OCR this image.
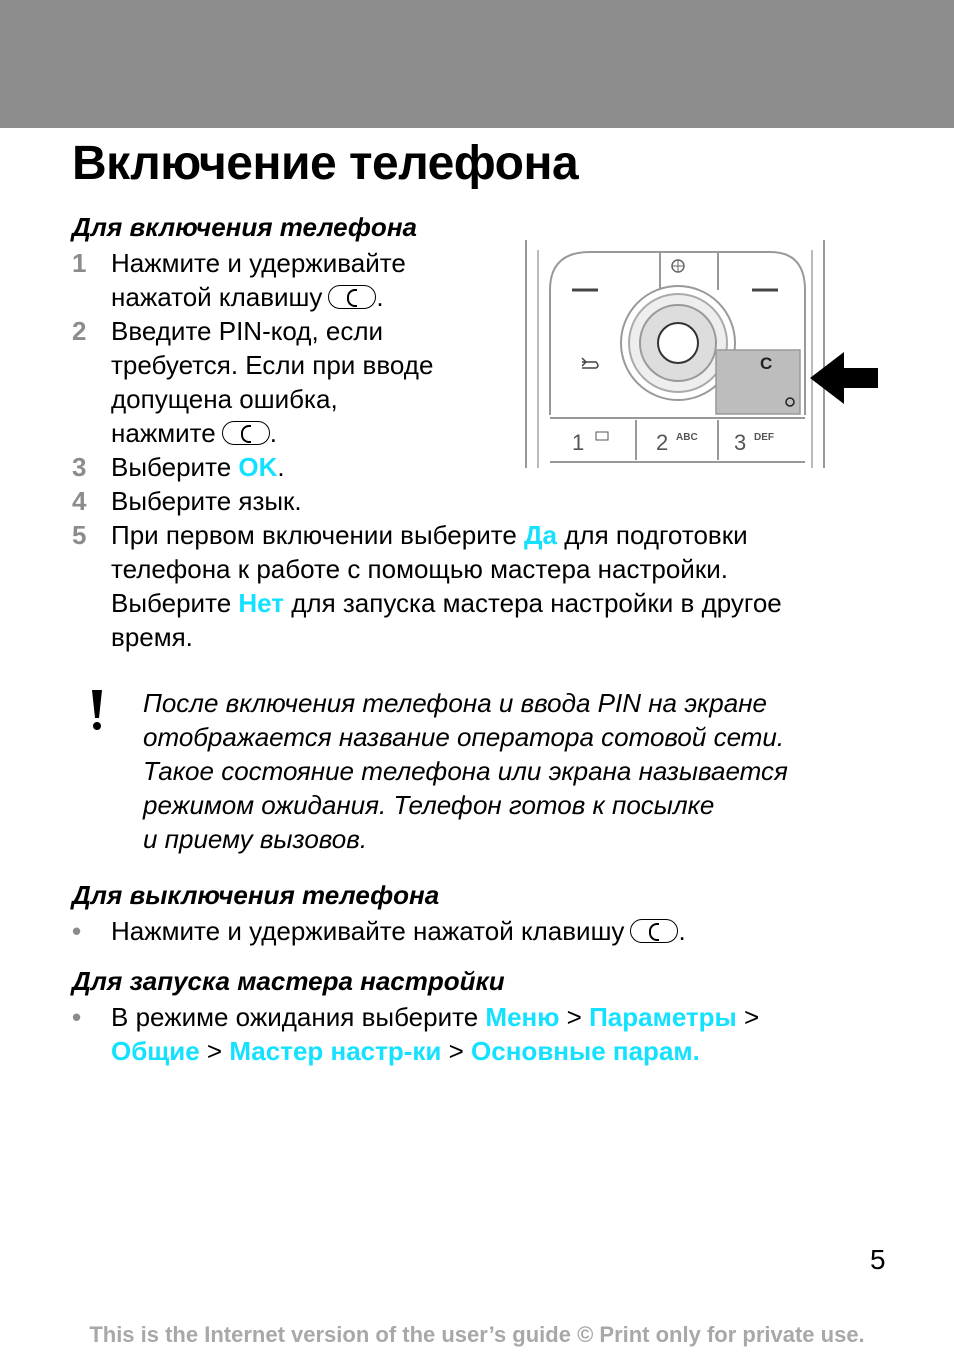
Включение телефона

Для включения телефона

1 Нажмите и удерживайте
нажатой клавишу .
2 Введите PIN-код, если
требуется. Если при вводе
допущена ошибка,
нажмите .
3 Выберите OK.
4 Выберите язык.
5 При первом включении выберите Да для подготовки
телефона к работе с помощью мастера настройки.
Выберите Нет для запуска мастера настройки в другое
время.
C
1	2 ABC 3 DEF
После включения телефона и ввода PIN на экране
отображается название оператора сотовой сети.
Такое состояние телефона или экрана называется
режимом ожидания. Телефон готов к посылке
и приему вызовов.

Для выключения телефона

• Нажмите и удерживайте нажатой клавишу .

Для запуска мастера настройки

• В режиме ожидания выберите Меню > Параметры >
Общие > Мастер настр-ки > Основные парам.
5
This is the Internet version of the user’s guide © Print only for private use.
